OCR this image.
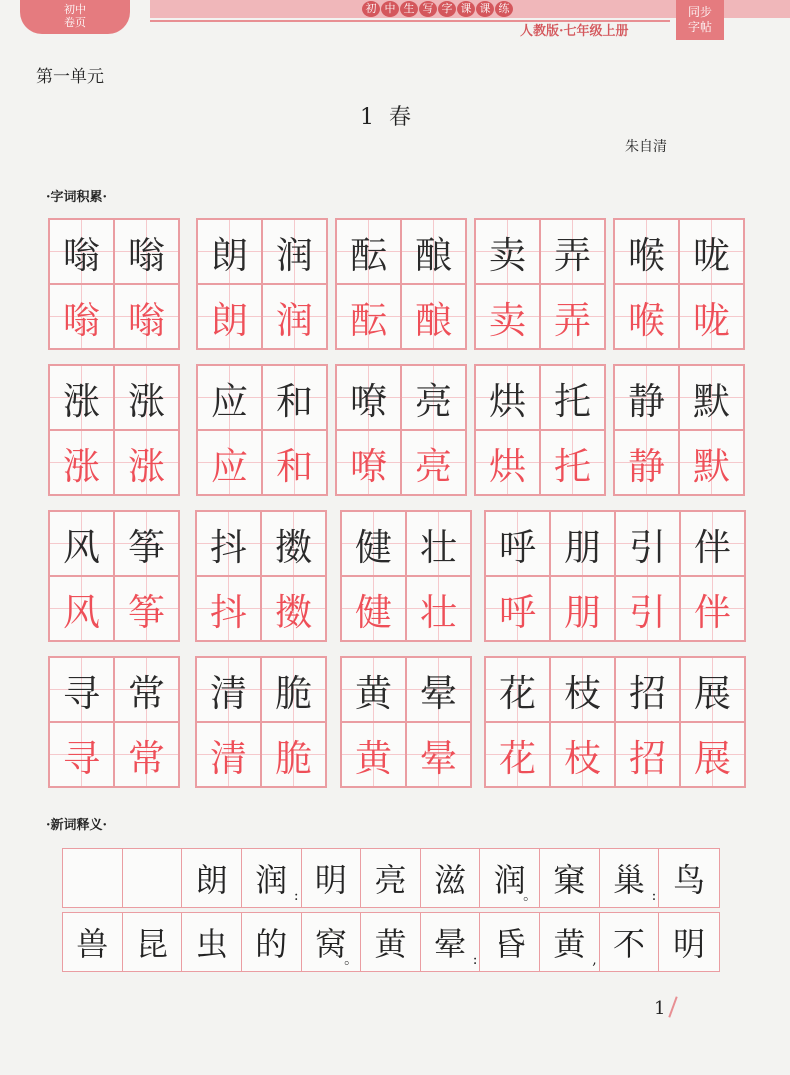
初中
卷页
初 中 生 写 字 课 课 练
人教版·七年级上册
同步
字帖
第一单元
1 春
朱自清
·字词积累·
嗡
嗡
嗡
嗡
朗
朗
润
润
酝
酝
酿
酿
卖
卖
弄
弄
喉
喉
咙
咙
涨
涨
涨
涨
应
应
和
和
嘹
嘹
亮
亮
烘
烘
托
托
静
静
默
默
风
风
筝
筝
抖
抖
擞
擞
健
健
壮
壮
呼
呼
朋
朋
引
引
伴
伴
寻
寻
常
常
清
清
脆
脆
黄
黄
晕
晕
花
花
枝
枝
招
招
展
展
·新词释义·
朗 润 : 明 亮 滋 润
。 窠 巢 : 鸟
兽 昆 虫 的 窝
。 黄 晕 : 昏 黄 , 不 明
1
